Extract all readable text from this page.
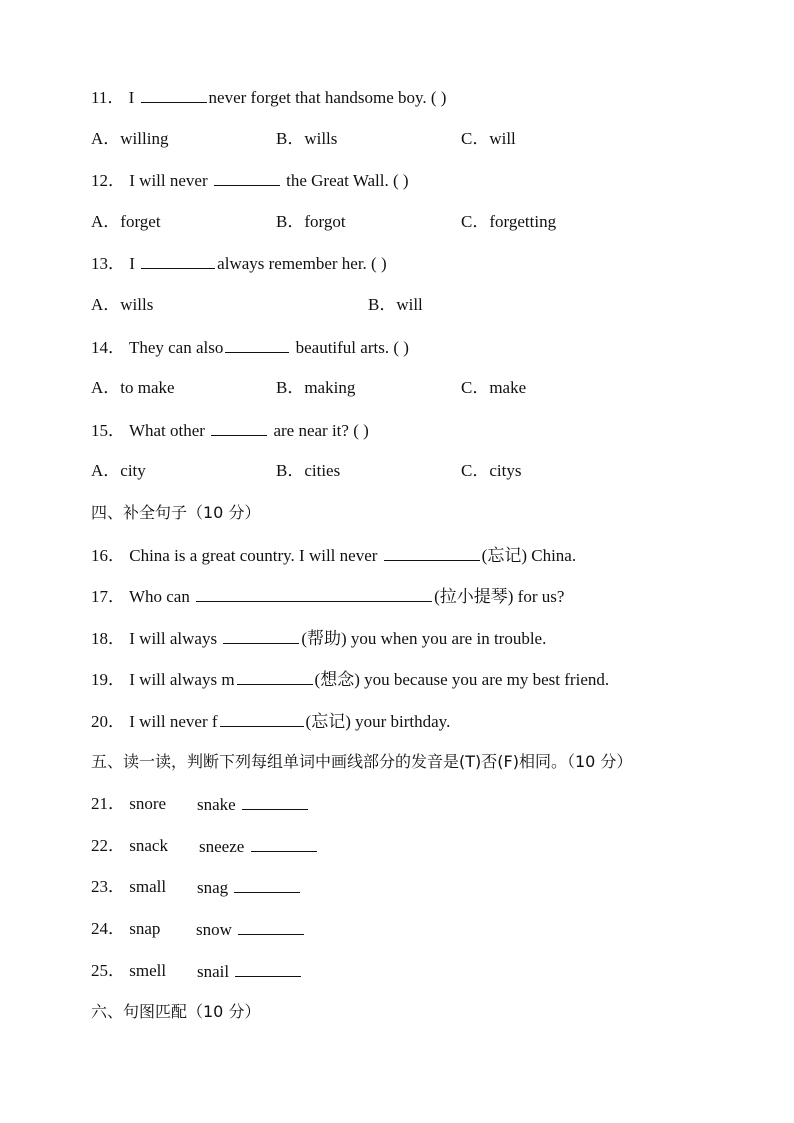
11． I	never forget that handsome boy. ( )
A．willing	B．wills	C．will
12． I will never	the Great Wall. ( )
A．forget	B．forgot	C．forgetting
13． I	always remember her. ( )
A．wills	B．will
14． They can also	beautiful arts. ( )
A．to make	B．making	C．make
15． What other	are near it? ( )
A．city	B．cities	C．citys
四、补全句子（10 分）
16． China is a great country. I will never	(忘记) China.
17． Who can	(拉小提琴) for us?
18． I will always	(帮助) you when you are in trouble.
19． I will always m	(想念) you because you are my best friend.
20． I will never f	(忘记) your birthday.
五、读一读，判断下列每组单词中画线部分的发音是(T)否(F)相同。（10 分）
21． snore snake
22． snack sneeze
23． small snag
24． snap snow
25． smell snail
六、句图匹配（10 分）
